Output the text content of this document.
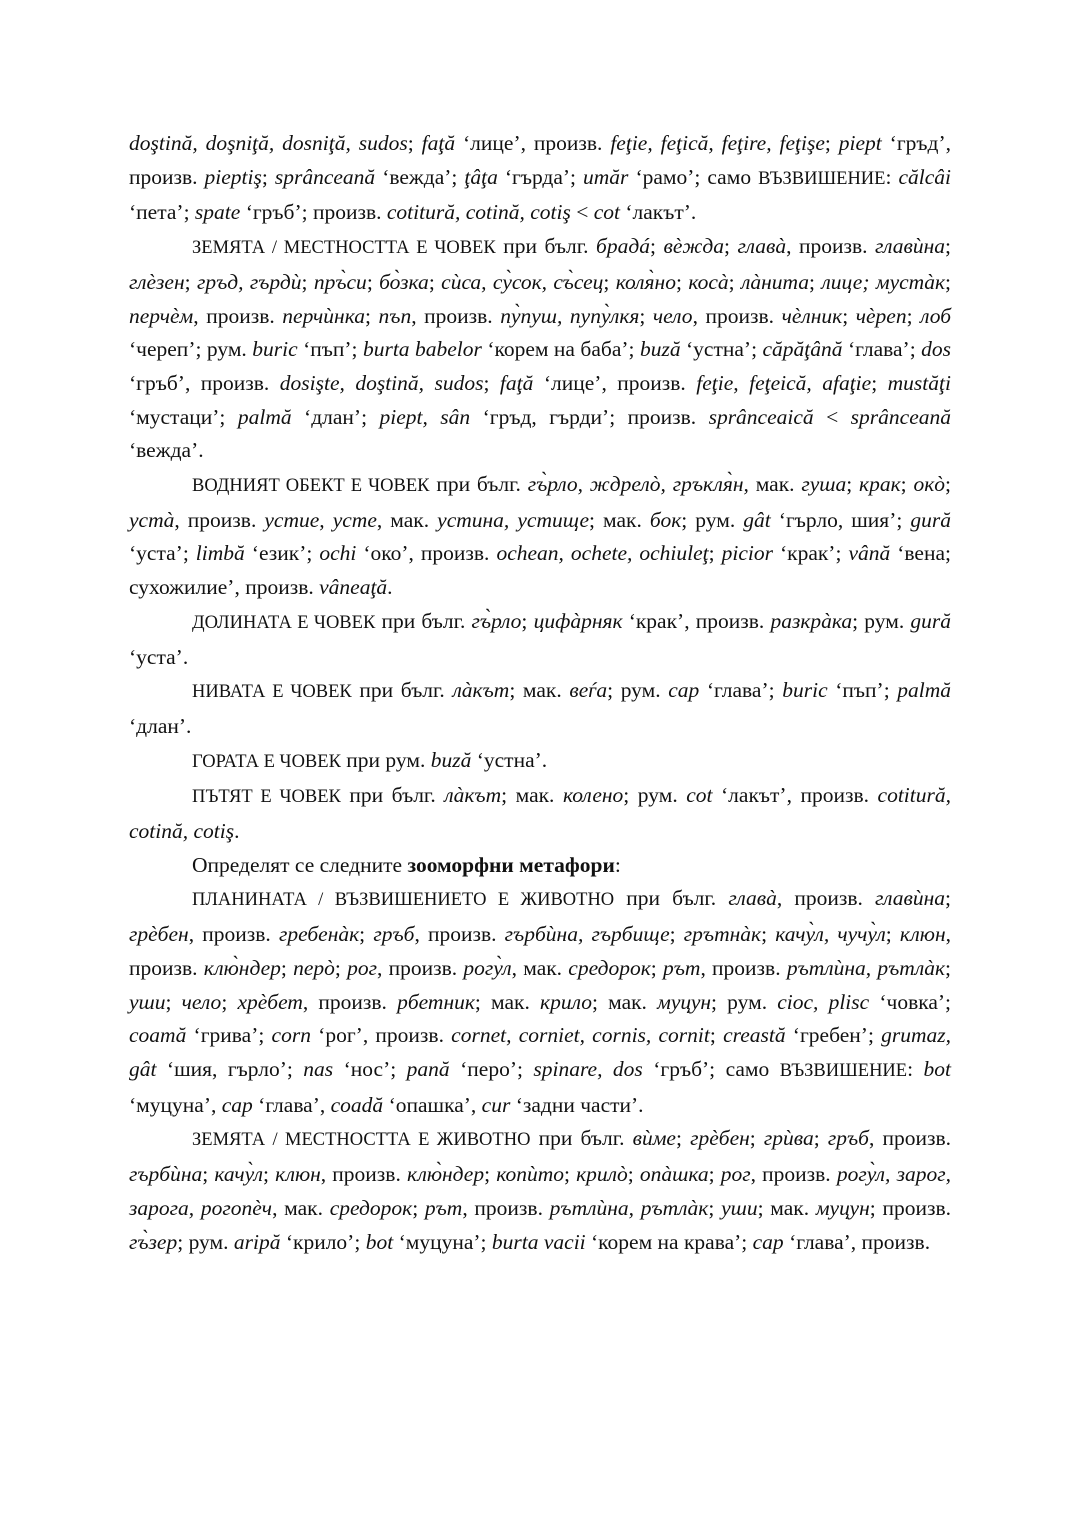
doştină, doşniţă, dosniţă, sudos; faţă ‘лице’, произв. feţie, feţică, feţire, feţişe; piept ‘гръд’, произв. pieptiş; sprânceană ‘вежда’; ţâţa ‘гърда’; umăr ‘рамо’; само ВЪЗВИШЕНИЕ: călcâi ‘пета’; spate ‘гръб’; произв. cotitură, cotină, cotiş < cot ‘лакът’.

ЗЕМЯТА / МЕСТНОСТТА Е ЧОВЕК при бълг. брадá; вѐжда; главà, произв. главѝна; глѐзен; гръд, гърдѝ; пръ̀си; бо̀зка; сѝса, су̀сок, съ̀сец; коля̀но; косà; лàнита; лице; мустàк; перчѐм, произв. перчѝнка; пъп, произв. пу̀пуш, пупу̀лкя; чело, произв. чѐлник; чѐреп; лоб ‘череп’; рум. buric ‘пъп’; burta babelor ‘корем на баба’; buză ‘устна’; căpăţână ‘глава’; dos ‘гръб’, произв. dosişte, doştină, sudos; faţă ‘лице’, произв. feţie, feţeică, afaţie; mustăţi ‘мустаци’; palmă ‘длан’; piept, sân ‘гръд, гърди’; произв. sprânceaică < sprânceană ‘вежда’.

ВОДНИЯТ ОБЕКТ Е ЧОВЕК при бълг. гъ̀рло, ждрелò, гръкля̀н, мак. гуша; крак; окò; устà, произв. устие, усте, мак. устина, устище; мак. бок; рум. gât ‘гърло, шия’; gură ‘уста’; limbă ‘език’; ochi ‘око’, произв. ochean, ochete, ochiuleţ; picior ‘крак’; vână ‘вена; сухожилие’, произв. vâneaţă.

ДОЛИНАТА Е ЧОВЕК при бълг. гъ̀рло; цифàрняк ‘крак’, произв. разкрàка; рум. gură ‘уста’.

НИВАТА Е ЧОВЕК при бълг. лàкът; мак. веѓа; рум. cap ‘глава’; buric ‘пъп’; palmă ‘длан’.

ГОРАТА Е ЧОВЕК при рум. buză ‘устна’.

ПЪТЯТ Е ЧОВЕК при бълг. лàкът; мак. колено; рум. cot ‘лакът’, произв. cotitură, cotină, cotiş.

Определят се следните зооморфни метафори:

ПЛАНИНАТА / ВЪЗВИШЕНИЕТО Е ЖИВОТНО при бълг. главà, произв. главѝна; грѐбен, произв. гребенàк; гръб, произв. гърбѝна, гърбище; грътнàк; качу̀л, чучу̀л; клюн, произв. клю̀ндер; перò; рог, произв. рогу̀л, мак. средорок; рът, произв. рътлѝна, рътлàк; уши; чело; хрѐбет, произв. рбетник; мак. крило; мак. муцун; рум. cioc, plisc ‘човка’; coamă ‘грива’; corn ‘рог’, произв. cornet, corniet, cornis, cornit; creastă ‘гребен’; grumaz, gât ‘шия, гърло’; nas ‘нос’; pană ‘перо’; spinare, dos ‘гръб’; само ВЪЗВИШЕНИЕ: bot ‘муцуна’, cap ‘глава’, coadă ‘опашка’, cur ‘задни части’.

ЗЕМЯТА / МЕСТНОСТТА Е ЖИВОТНО при бълг. вѝме; грѐбен; грѝва; гръб, произв. гърбѝна; качу̀л; клюн, произв. клю̀ндер; копѝто; крилò; опàшка; рог, произв. рогу̀л, зарог, зарога, рогопѐч, мак. средорок; рът, произв. рътлѝна, рътлàк; уши; мак. муцун; произв. гъ̀зер; рум. aripă ‘крило’; bot ‘муцуна’; burta vacii ‘корем на крава’; cap ‘глава’, произв.
